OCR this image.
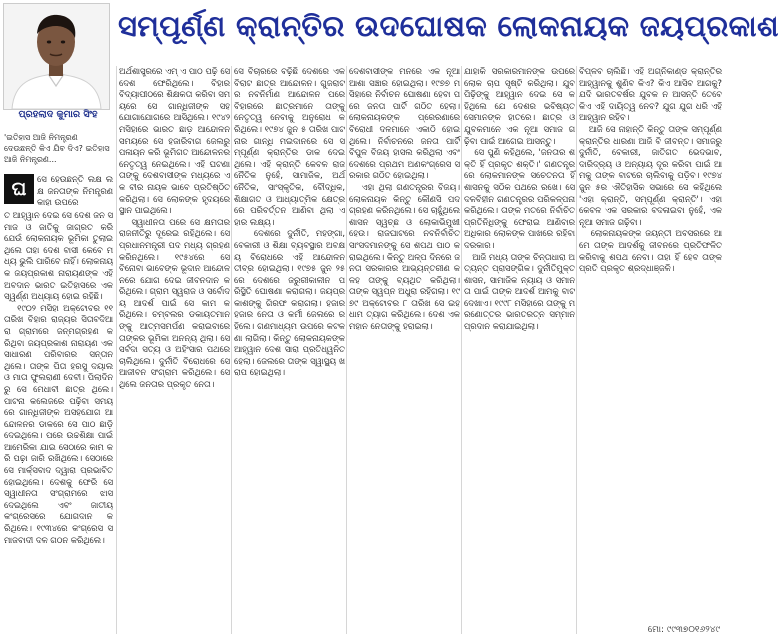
ପ୍ରହଲାଦ କୁମାର ସିଂହ
ସମ୍ପୂର୍ଣ୍ଣ କ୍ରାନ୍ତିର ଉଦଘୋଷକ ଲୋକନାୟକ ଜୟପ୍ରକାଶ
'ଇତିହାସ ଆଜି ନିମନ୍ତ୍ରଣ ଦେଉଛନ୍ତି କିଏ ଯିବ ଦିଏ? ଇତିହାସ ଆଜି ନିମନ୍ତ୍ରଣ...
ଘ	ସେ ହେଉଛନ୍ତି ଲକ୍ଷ ଲକ୍ଷ ଜନତାଙ୍କ ନିମନ୍ତ୍ରଣ କାହା ଉପରେ
ତ ଆହ୍ୱାନ ଦେଇ ସେ ଦେଶ ଜନ ସମାଜ ଓ ଜାତିକୁ ଜାଗ୍ରତ କରି ଯେଉଁ ଲୋକନାୟକ ଭୂମିକା ତୁଲାଇଥିଲେ ତାହା ଦେଶ ବାସୀ କେବେ ମଧ୍ୟ ଭୁଲି ପାରିବେ ନାହିଁ। ଲୋକନାୟକ ଜୟପ୍ରକାଶ ନାରାୟଣଙ୍କ ଏହି ଅବଦାନ ଭାରତ ଇତିହାସରେ ଏକ ସ୍ୱର୍ଣ୍ଣ ଅଧ୍ୟାୟ ହୋଇ ରହିଛି।
୧୯୦୨ ମସିହା ଅକ୍ଟୋବର ୧୧ ତାରିଖ ବିହାର ରାଜ୍ୟର ସିତାବଦିଆରା ଗ୍ରାମରେ ଜନ୍ମଗ୍ରହଣ କରିଥିବା ଜୟପ୍ରକାଶ ନାରାୟଣ ଏକ ସାଧାରଣ ପରିବାରର ସନ୍ତାନ ଥିଲେ। ତାଙ୍କ ପିତା ହରସୁ ଦୟାଲ ଓ ମାତା ଫୁଲରାଣୀ ଦେବୀ। ପିଲାଦିନରୁ ସେ ମେଧାବୀ ଛାତ୍ର ଥିଲେ। ପାଟନା କଲେଜରେ ପଢ଼ିବା ସମୟରେ ଗାନ୍ଧିଜୀଙ୍କ ଅସହଯୋଗ ଆନ୍ଦୋଳନର ଡାକରେ ସେ ପାଠ ଛାଡ଼ି ଦେଇଥିଲେ। ପରେ ଉଚ୍ଚଶିକ୍ଷା ପାଇଁ ଆମେରିକା ଯାଇ ସେଠାରେ କାମ କରି ପଢ଼ା ଜାରି ରଖିଥିଲେ। ସେଠାରେ ସେ ମାର୍କ୍ସବାଦ ଦ୍ୱାରା ପ୍ରଭାବିତ ହୋଇଥିଲେ। ଦେଶକୁ ଫେରି ସେ ସ୍ୱାଧୀନତା ସଂଗ୍ରାମରେ ଝାସ ଦେଇଥିଲେ ଏବଂ ଜାତୀୟ କଂଗ୍ରେସରେ ଯୋଗଦାନ କରିଥିଲେ। ୧୯୩୪ରେ କଂଗ୍ରେସ ସମାଜବାଦୀ ଦଳ ଗଠନ କରିଥିଲେ।
ଅର୍ଥଶାସ୍ତ୍ରରେ ଏମ୍ ଏ ପାଠ ପଢ଼ି ସେ ଦେଶ ଫେରିଥିଲେ। ବିହାର ବିଦ୍ୟାପୀଠରେ ଶିକ୍ଷକତା କରିବା ସମୟରେ ସେ ଗାନ୍ଧିଜୀଙ୍କ ସହ ଯୋଗାଯୋଗରେ ଆସିଥିଲେ। ୧୯୪୨ ମସିହାରେ ଭାରତ ଛାଡ଼ ଆନ୍ଦୋଳନ ସମୟରେ ସେ ହଜାରିବାଗ ଜେଲରୁ ପଳାୟନ କରି ଭୂମିଗତ ଆନ୍ଦୋଳନର ନେତୃତ୍ୱ ନେଇଥିଲେ। ଏହି ଘଟଣା ତାଙ୍କୁ ଦେଶବାସୀଙ୍କ ମଧ୍ୟରେ ଏକ ବୀର ନାୟକ ଭାବେ ପ୍ରତିଷ୍ଠିତ କରିଥିଲା। ସେ ଲୋକଙ୍କ ହୃଦୟରେ ସ୍ଥାନ ପାଇଥିଲେ।
ସ୍ୱାଧୀନତା ପରେ ସେ କ୍ଷମତାର ରାଜନୀତିରୁ ଦୂରେଇ ରହିଥିଲେ। ସେ ପ୍ରଧାନମନ୍ତ୍ରୀ ପଦ ମଧ୍ୟ ଗ୍ରହଣ କରିନଥିଲେ। ୧୯୫୪ରେ ସେ ବିନୋବା ଭାବେଙ୍କ ଭୂଦାନ ଆନ୍ଦୋଳନରେ ଯୋଗ ଦେଇ ଜୀବନଦାନ କରିଥିଲେ। ଗ୍ରାମ ସ୍ୱରାଜ ଓ ସର୍ବୋଦୟ ଆଦର୍ଶ ପାଇଁ ସେ କାମ କରିଥିଲେ। ଚମ୍ବଲର ଡକାୟତମାନଙ୍କୁ ଆତ୍ମସମର୍ପଣ କରାଇବାରେ ତାଙ୍କର ଭୂମିକା ଅନନ୍ୟ ଥିଲା। ସେ ସର୍ବଦା ସତ୍ୟ ଓ ଅହିଂସାର ପଥରେ ଚାଲିଥିଲେ। ଦୁର୍ନୀତି ବିରୋଧରେ ସେ ଆଜୀବନ ସଂଗ୍ରାମ କରିଥିଲେ। ସେ ଥିଲେ ଜନତାର ପ୍ରକୃତ ନେତା।
ସେ ବିଚାରରେ ବଢ଼ିଛି ଦେଶରେ ଏକ ବିରାଟ ଛାତ୍ର ଆନ୍ଦୋଳନ। ଗୁଜରାଟର ନବନିର୍ମାଣ ଆନ୍ଦୋଳନ ପରେ ବିହାରରେ ଛାତ୍ରମାନେ ତାଙ୍କୁ ନେତୃତ୍ୱ ନେବାକୁ ଅନୁରୋଧ କରିଥିଲେ। ୧୯୭୪ ଜୁନ ୫ ତାରିଖ ପାଟନାର ଗାନ୍ଧି ମଇଦାନରେ ସେ ସମ୍ପୂର୍ଣ୍ଣ କ୍ରାନ୍ତିର ଡାକ ଦେଇଥିଲେ। ଏହି କ୍ରାନ୍ତି କେବଳ ରାଜନୈତିକ ନୁହେଁ, ସାମାଜିକ, ଅର୍ଥନୈତିକ, ସାଂସ୍କୃତିକ, ବୌଦ୍ଧିକ, ଶିକ୍ଷାଗତ ଓ ଆଧ୍ୟାତ୍ମିକ କ୍ଷେତ୍ରରେ ପରିବର୍ତ୍ତନ ଆଣିବା ଥିଲା ଏହାର ଲକ୍ଷ୍ୟ।
ଦେଶରେ ଦୁର୍ନୀତି, ମହଙ୍ଗା, ବେକାରୀ ଓ ଶିକ୍ଷା ବ୍ୟବସ୍ଥାର ଅବକ୍ଷୟ ବିରୋଧରେ ଏହି ଆନ୍ଦୋଳନ ତୀବ୍ର ହୋଇଥିଲା। ୧୯୭୫ ଜୁନ ୨୫ରେ ଦେଶରେ ଜରୁରୀକାଳୀନ ପରିସ୍ଥିତି ଘୋଷଣା କରାଗଲା। ଜୟପ୍ରକାଶଙ୍କୁ ଗିରଫ କରାଗଲା। ହଜାର ହଜାର ନେତା ଓ କର୍ମୀ ଜେଲରେ ରହିଲେ। ଗଣମାଧ୍ୟମ ଉପରେ କଟକଣା ଲାଗିଲା। କିନ୍ତୁ ଲୋକନାୟକଙ୍କ ଆହ୍ୱାନ ଦେଶ ସାରା ପ୍ରତିଧ୍ୱନିତ ହେଲା। ଜେଲରେ ତାଙ୍କ ସ୍ୱାସ୍ଥ୍ୟ ଖରାପ ହୋଇଥିଲା।
ଦେଶବାସୀଙ୍କ ମନରେ ଏକ ନୂଆ ଆଶା ସଞ୍ଚାର ହୋଇଥିଲା। ୧୯୭୭ ମସିହାରେ ନିର୍ବାଚନ ଘୋଷଣା ହେବା ପରେ ଜନତା ପାର୍ଟି ଗଠିତ ହେଲା। ଲୋକନାୟକଙ୍କ ପ୍ରେରଣାରେ ବିରୋଧୀ ଦଳମାନେ ଏକାଠି ହୋଇଥିଲେ। ନିର୍ବାଚନରେ ଜନତା ପାର୍ଟି ବିପୁଳ ବିଜୟ ହାସଲ କରିଥିଲା ଏବଂ ଦେଶରେ ପ୍ରଥମ ଅଣକଂଗ୍ରେସ ସରକାର ଗଠିତ ହୋଇଥିଲା।
ଏହା ଥିଲା ଗଣତନ୍ତ୍ରର ବିଜୟ। ଲୋକନାୟକ କିନ୍ତୁ କୌଣସି ପଦ ଗ୍ରହଣ କରିନଥିଲେ। ସେ ଚାହୁଁଥିଲେ ଶାସନ ସ୍ୱଚ୍ଛ ଓ ଲୋକାଭିମୁଖୀ ହେଉ। ରାଜଘାଟରେ ନବନିର୍ବାଚିତ ସାଂସଦମାନଙ୍କୁ ସେ ଶପଥ ପାଠ କରାଇଥିଲେ। କିନ୍ତୁ ଅଳ୍ପ ଦିନରେ ଜନତା ସରକାରର ଆଭ୍ୟନ୍ତରୀଣ କଳହ ତାଙ୍କୁ ବ୍ୟଥିତ କରିଥିଲା। ତାଙ୍କ ସ୍ୱପ୍ନ ଅଧୁରା ରହିଗଲା। ୧୯୭୯ ଅକ୍ଟୋବର ୮ ତାରିଖ ସେ ଇହଧାମ ତ୍ୟାଗ କରିଥିଲେ। ଦେଶ ଏକ ମହାନ ନେତାଙ୍କୁ ହରାଇଲା।
ଯାହାକି ସରକାରମାନଙ୍କ ଉପରେ ଲୋକ ଚାପ ସୃଷ୍ଟି କରିଥିଲା। ଯୁବପିଢ଼ିଙ୍କୁ ଆହ୍ୱାନ ଦେଇ ସେ କହିଥିଲେ ଯେ ଦେଶର ଭବିଷ୍ୟତ ସେମାନଙ୍କ ହାତରେ। ଛାତ୍ର ଓ ଯୁବକମାନେ ଏକ ନୂଆ ସମାଜ ଗଢ଼ିବା ପାଇଁ ଆଗେଇ ଆସନ୍ତୁ।
ସେ ପୁଣି କହିଥିଲେ, 'ଜନତାର ଶକ୍ତି ହିଁ ପ୍ରକୃତ ଶକ୍ତି।' ଗଣତନ୍ତ୍ରରେ ଲୋକମାନଙ୍କ ସଚେତନତା ହିଁ ଶାସନକୁ ସଠିକ ପଥରେ ରଖେ। ସେ ଦଳବିହୀନ ଗଣତନ୍ତ୍ରର ପରିକଳ୍ପନା କରିଥିଲେ। ତାଙ୍କ ମତରେ ନିର୍ବାଚିତ ପ୍ରତିନିଧିଙ୍କୁ ଫେରାଇ ଆଣିବାର ଅଧିକାର ଲୋକଙ୍କ ପାଖରେ ରହିବା ଦରକାର।
ଆଜି ମଧ୍ୟ ତାଙ୍କ ଚିନ୍ତାଧାରା ଅତ୍ୟନ୍ତ ପ୍ରାସଙ୍ଗିକ। ଦୁର୍ନୀତିମୁକ୍ତ ଶାସନ, ସାମାଜିକ ନ୍ୟାୟ ଓ ସମାନତା ପାଇଁ ତାଙ୍କ ଆଦର୍ଶ ଆମକୁ ବାଟ ଦେଖାଏ। ୧୯୯୮ ମସିହାରେ ତାଙ୍କୁ ମରଣୋତ୍ତର ଭାରତରତ୍ନ ସମ୍ମାନ ପ୍ରଦାନ କରାଯାଇଥିଲା।
ବିପ୍ଳବ ଚାଲିଛି। ଏହି ଅଗ୍ନିକାଣ୍ଡ କ୍ରାନ୍ତିର ଆହ୍ୱାନକୁ ଶୁଣିବ କିଏ? କିଏ ଆସିବ ଆଗକୁ? ଯଦି ଭାରତବର୍ଷର ଯୁବକ ନ ଆସନ୍ତି ତେବେ କିଏ ଏହି ଦାୟିତ୍ୱ ନେବ? ଯୁଗ ଯୁଗ ଧରି ଏହି ଆହ୍ୱାନ ରହିବ।
ଆଜି ସେ ନାହାନ୍ତି କିନ୍ତୁ ତାଙ୍କ ସମ୍ପୂର୍ଣ୍ଣ କ୍ରାନ୍ତିର ଧାରଣା ଆଜି ବି ଜୀବନ୍ତ। ସମାଜରୁ ଦୁର୍ନୀତି, ବେକାରୀ, ଜାତିଗତ ଭେଦଭାବ, ଦାରିଦ୍ର୍ୟ ଓ ଅନ୍ୟାୟ ଦୂର କରିବା ପାଇଁ ଆମକୁ ତାଙ୍କ ବାଟରେ ଚାଲିବାକୁ ପଡ଼ିବ। ୧୯୭୪ ଜୁନ ୫ର ଐତିହାସିକ ସଭାରେ ସେ କହିଥିଲେ 'ଏହା କ୍ରାନ୍ତି, ସମ୍ପୂର୍ଣ୍ଣ କ୍ରାନ୍ତି'। ଏହା କେବଳ ଏକ ସରକାର ବଦଳାଇବା ନୁହେଁ, ଏକ ନୂଆ ସମାଜ ଗଢ଼ିବା।
ଲୋକନାୟକଙ୍କ ଜୟନ୍ତୀ ଅବସରରେ ଆମେ ତାଙ୍କ ଆଦର୍ଶକୁ ଜୀବନରେ ପ୍ରତିଫଳିତ କରିବାକୁ ଶପଥ ନେବା। ତାହା ହିଁ ହେବ ତାଙ୍କ ପ୍ରତି ପ୍ରକୃତ ଶ୍ରଦ୍ଧାଞ୍ଜଳି।
ମୋ: ୯୯୩୭୦୧୬୨୪୯
